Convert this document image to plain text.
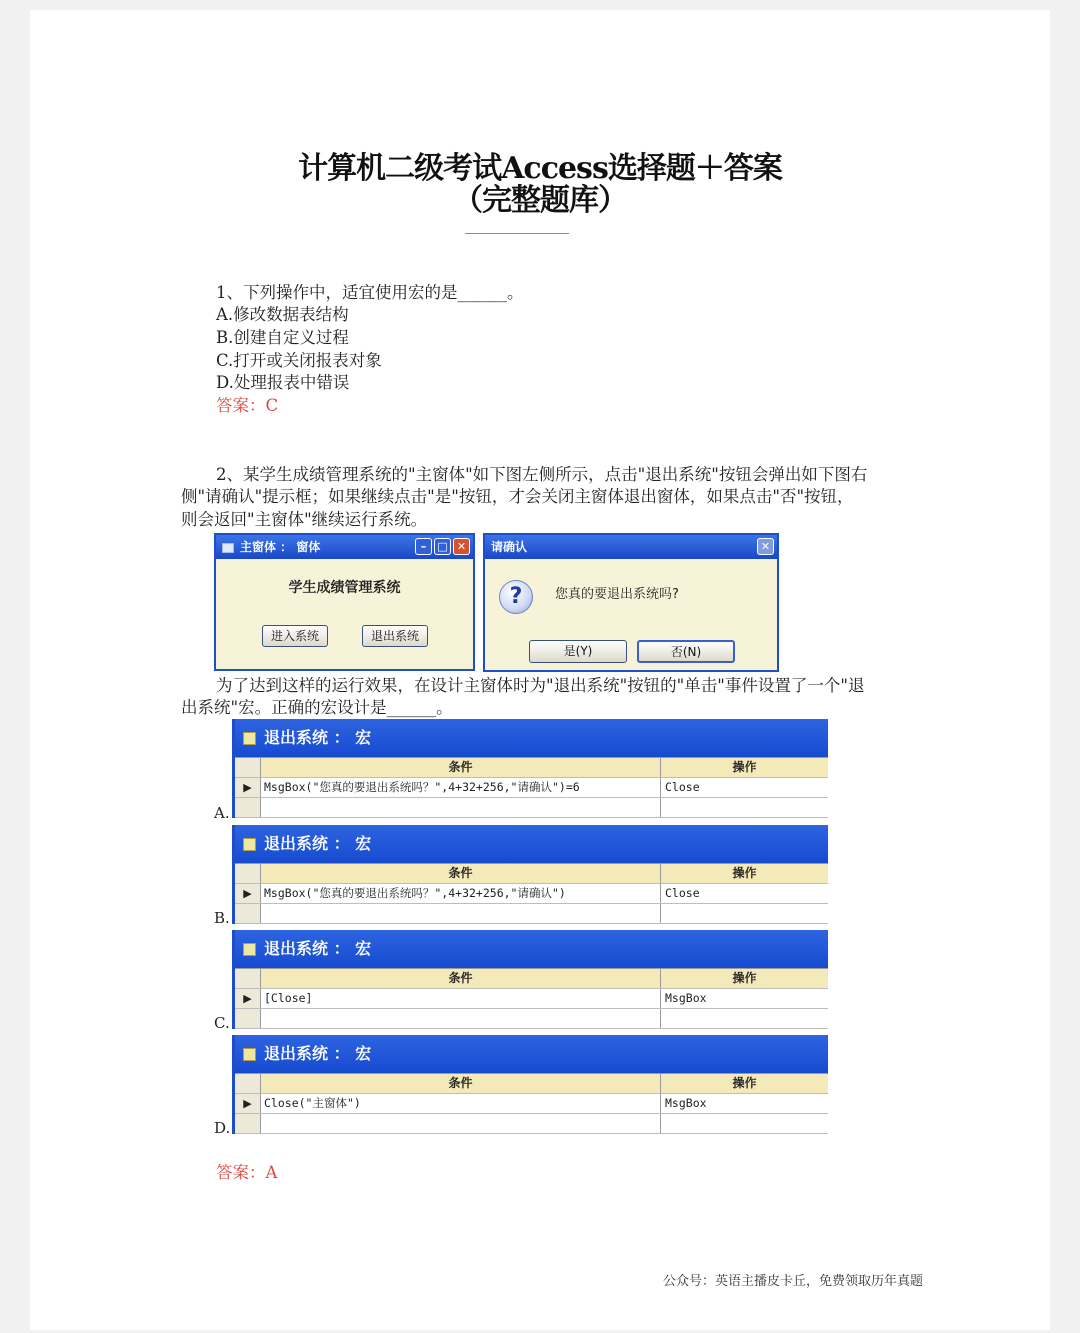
计算机二级考试Access选择题＋答案
（完整题库）
1、下列操作中，适宜使用宏的是______。
A.修改数据表结构
B.创建自定义过程
C.打开或关闭报表对象
D.处理报表中错误
答案：C
2、某学生成绩管理系统的"主窗体"如下图左侧所示，点击"退出系统"按钮会弹出如下图右
侧"请确认"提示框；如果继续点击"是"按钮，才会关闭主窗体退出窗体，如果点击"否"按钮，
则会返回"主窗体"继续运行系统。
主窗体 ： 窗体	–	□ ✕
学生成绩管理系统
进入系统	退出系统
请确认	✕
?	您真的要退出系统吗?
是(Y)	否(N)
为了达到这样的运行效果，在设计主窗体时为"退出系统"按钮的"单击"事件设置了一个"退
出系统"宏。正确的宏设计是______。
退出系统 ： 宏
条件	操作
▶	MsgBox("您真的要退出系统吗？",4+32+256,"请确认")=6	Close
A.
退出系统 ： 宏
条件	操作
▶	MsgBox("您真的要退出系统吗？",4+32+256,"请确认")	Close
B.
退出系统 ： 宏
条件	操作
▶	[Close]	MsgBox
C.
退出系统 ： 宏
条件	操作
▶	Close("主窗体")	MsgBox
D.
答案：A
公众号：英语主播皮卡丘，免费领取历年真题
